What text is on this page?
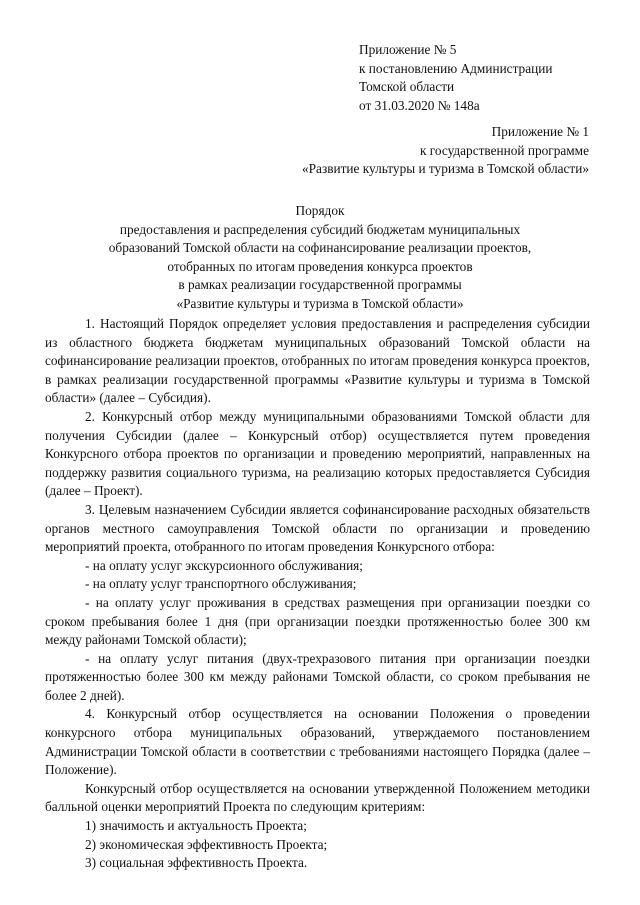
Приложение № 5
к постановлению Администрации
Томской области
от 31.03.2020 № 148а
Приложение № 1
к государственной программе
«Развитие культуры и туризма в Томской области»
Порядок
предоставления и распределения субсидий бюджетам муниципальных
образований Томской области на софинансирование реализации проектов,
отобранных по итогам проведения конкурса проектов
в рамках реализации государственной программы
«Развитие культуры и туризма в Томской области»

1. Настоящий Порядок определяет условия предоставления и распределения субсидии из областного бюджета бюджетам муниципальных образований Томской области на софинансирование реализации проектов, отобранных по итогам проведения конкурса проектов, в рамках реализации государственной программы «Развитие культуры и туризма в Томской области» (далее – Субсидия).

2. Конкурсный отбор между муниципальными образованиями Томской области для получения Субсидии (далее – Конкурсный отбор) осуществляется путем проведения Конкурсного отбора проектов по организации и проведению мероприятий, направленных на поддержку развития социального туризма, на реализацию которых предоставляется Субсидия (далее – Проект).

3. Целевым назначением Субсидии является софинансирование расходных обязательств органов местного самоуправления Томской области по организации и проведению мероприятий проекта, отобранного по итогам проведения Конкурсного отбора:

- на оплату услуг экскурсионного обслуживания;

- на оплату услуг транспортного обслуживания;

- на оплату услуг проживания в средствах размещения при организации поездки со сроком пребывания более 1 дня (при организации поездки протяженностью более 300 км между районами Томской области);

- на оплату услуг питания (двух-трехразового питания при организации поездки протяженностью более 300 км между районами Томской области, со сроком пребывания не более 2 дней).

4. Конкурсный отбор осуществляется на основании Положения о проведении конкурсного отбора муниципальных образований, утверждаемого постановлением Администрации Томской области в соответствии с требованиями настоящего Порядка (далее – Положение).

Конкурсный отбор осуществляется на основании утвержденной Положением методики балльной оценки мероприятий Проекта по следующим критериям:

1) значимость и актуальность Проекта;

2) экономическая эффективность Проекта;

3) социальная эффективность Проекта.
